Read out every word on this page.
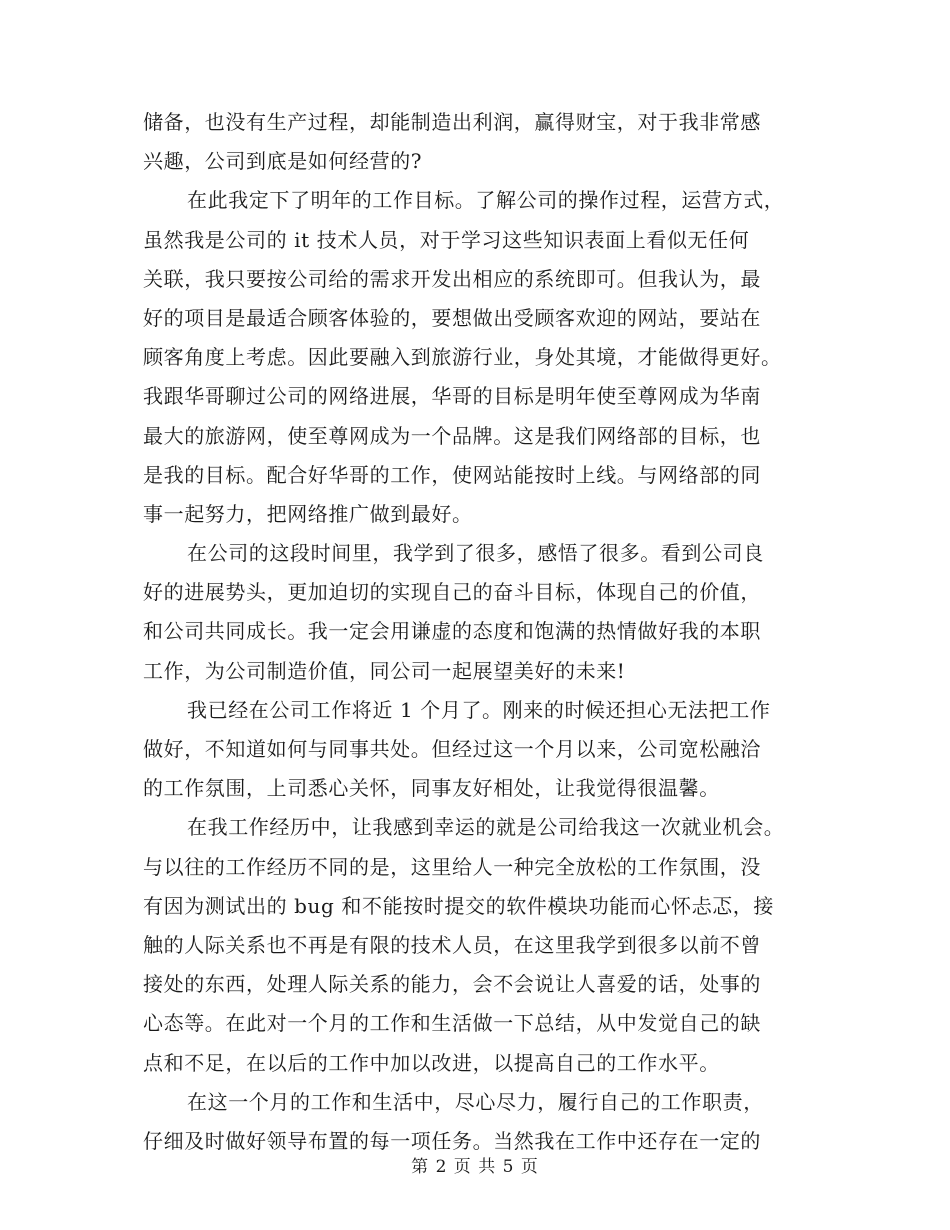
储备，也没有生产过程，却能制造出利润，赢得财宝，对于我非常感
兴趣，公司到底是如何经营的?
在此我定下了明年的工作目标。了解公司的操作过程，运营方式，
虽然我是公司的 it 技术人员，对于学习这些知识表面上看似无任何
关联，我只要按公司给的需求开发出相应的系统即可。但我认为，最
好的项目是最适合顾客体验的，要想做出受顾客欢迎的网站，要站在
顾客角度上考虑。因此要融入到旅游行业，身处其境，才能做得更好。
我跟华哥聊过公司的网络进展，华哥的目标是明年使至尊网成为华南
最大的旅游网，使至尊网成为一个品牌。这是我们网络部的目标，也
是我的目标。配合好华哥的工作，使网站能按时上线。与网络部的同
事一起努力，把网络推广做到最好。
在公司的这段时间里，我学到了很多，感悟了很多。看到公司良
好的进展势头，更加迫切的实现自己的奋斗目标，体现自己的价值，
和公司共同成长。我一定会用谦虚的态度和饱满的热情做好我的本职
工作，为公司制造价值，同公司一起展望美好的未来!
我已经在公司工作将近 1 个月了。刚来的时候还担心无法把工作
做好，不知道如何与同事共处。但经过这一个月以来，公司宽松融洽
的工作氛围，上司悉心关怀，同事友好相处，让我觉得很温馨。
在我工作经历中，让我感到幸运的就是公司给我这一次就业机会。
与以往的工作经历不同的是，这里给人一种完全放松的工作氛围，没
有因为测试出的 bug 和不能按时提交的软件模块功能而心怀忐忑，接
触的人际关系也不再是有限的技术人员，在这里我学到很多以前不曾
接处的东西，处理人际关系的能力，会不会说让人喜爱的话，处事的
心态等。在此对一个月的工作和生活做一下总结，从中发觉自己的缺
点和不足，在以后的工作中加以改进，以提高自己的工作水平。
在这一个月的工作和生活中，尽心尽力，履行自己的工作职责，
仔细及时做好领导布置的每一项任务。当然我在工作中还存在一定的
第 2 页 共 5 页
